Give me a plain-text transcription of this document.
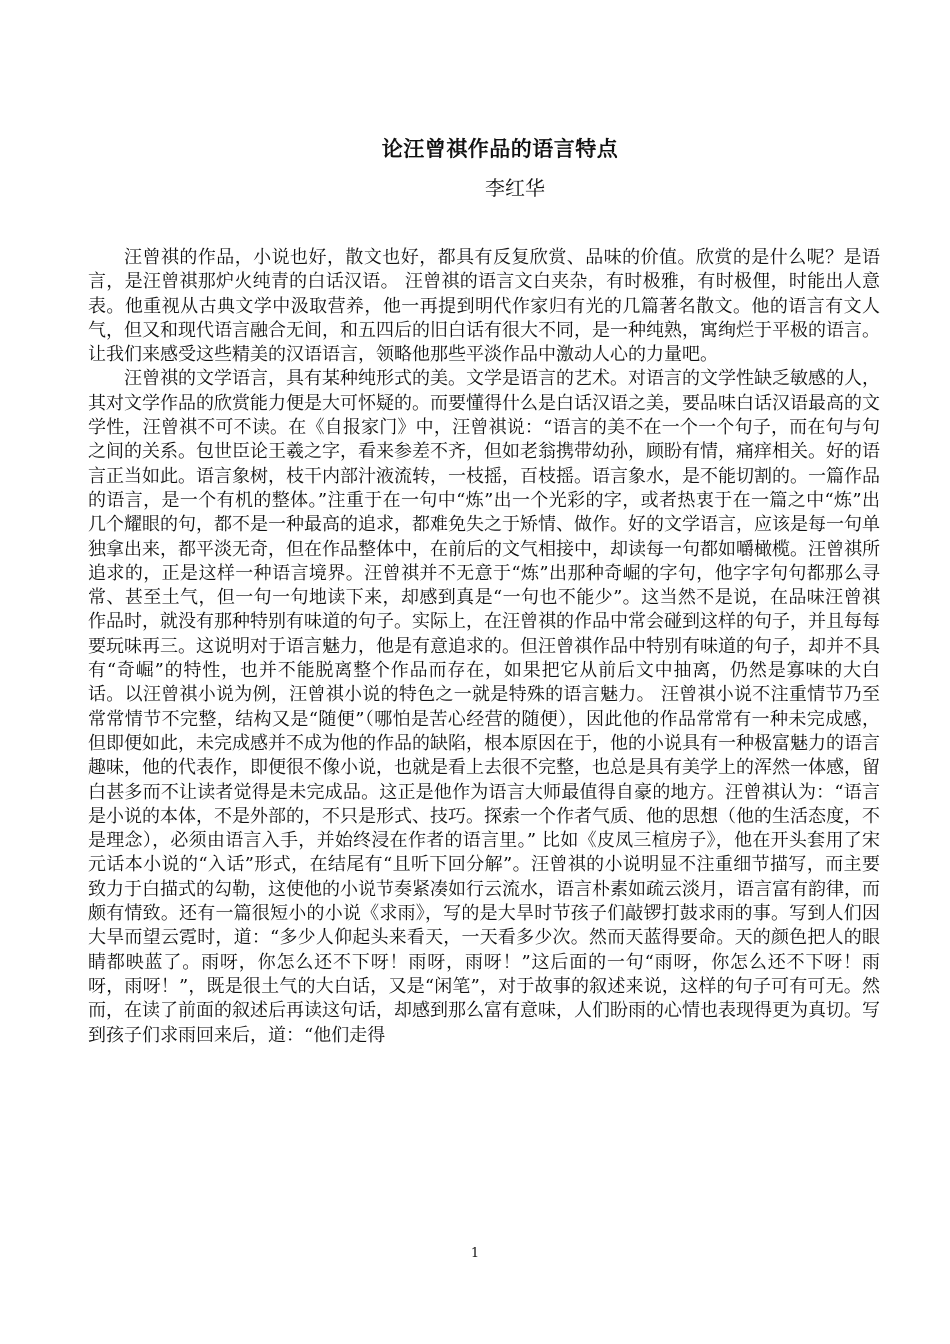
论汪曾祺作品的语言特点
李红华

汪曾祺的作品，小说也好，散文也好，都具有反复欣赏、品味的价值。欣赏的是什么呢？是语言，是汪曾祺那炉火纯青的白话汉语。 汪曾祺的语言文白夹杂，有时极雅，有时极俚，时能出人意表。他重视从古典文学中汲取营养，他一再提到明代作家归有光的几篇著名散文。他的语言有文人气，但又和现代语言融合无间，和五四后的旧白话有很大不同，是一种纯熟，寓绚烂于平极的语言。让我们来感受这些精美的汉语语言，领略他那些平淡作品中激动人心的力量吧。

汪曾祺的文学语言，具有某种纯形式的美。文学是语言的艺术。对语言的文学性缺乏敏感的人，其对文学作品的欣赏能力便是大可怀疑的。而要懂得什么是白话汉语之美，要品味白话汉语最高的文学性，汪曾祺不可不读。在《自报家门》中，汪曾祺说：“语言的美不在一个一个句子，而在句与句之间的关系。包世臣论王羲之字，看来参差不齐，但如老翁携带幼孙，顾盼有情，痛痒相关。好的语言正当如此。语言象树，枝干内部汁液流转，一枝摇，百枝摇。语言象水，是不能切割的。一篇作品的语言，是一个有机的整体。”注重于在一句中“炼”出一个光彩的字，或者热衷于在一篇之中“炼”出几个耀眼的句，都不是一种最高的追求，都难免失之于矫情、做作。好的文学语言，应该是每一句单独拿出来，都平淡无奇，但在作品整体中，在前后的文气相接中，却读每一句都如嚼橄榄。汪曾祺所追求的，正是这样一种语言境界。汪曾祺并不无意于“炼”出那种奇崛的字句，他字字句句都那么寻常、甚至土气，但一句一句地读下来，却感到真是“一句也不能少”。这当然不是说，在品味汪曾祺作品时，就没有那种特别有味道的句子。实际上，在汪曾祺的作品中常会碰到这样的句子，并且每每要玩味再三。这说明对于语言魅力，他是有意追求的。但汪曾祺作品中特别有味道的句子，却并不具有“奇崛”的特性，也并不能脱离整个作品而存在，如果把它从前后文中抽离，仍然是寡味的大白话。以汪曾祺小说为例，汪曾祺小说的特色之一就是特殊的语言魅力。 汪曾祺小说不注重情节乃至常常情节不完整，结构又是“随便”（哪怕是苦心经营的随便），因此他的作品常常有一种未完成感，但即便如此，未完成感并不成为他的作品的缺陷，根本原因在于，他的小说具有一种极富魅力的语言趣味，他的代表作，即便很不像小说，也就是看上去很不完整，也总是具有美学上的浑然一体感，留白甚多而不让读者觉得是未完成品。这正是他作为语言大师最值得自豪的地方。汪曾祺认为：“语言是小说的本体，不是外部的，不只是形式、技巧。探索一个作者气质、他的思想（他的生活态度，不是理念），必须由语言入手，并始终浸在作者的语言里。” 比如《皮凤三楦房子》，他在开头套用了宋元话本小说的“入话”形式，在结尾有“且听下回分解”。汪曾祺的小说明显不注重细节描写，而主要致力于白描式的勾勒，这使他的小说节奏紧凑如行云流水，语言朴素如疏云淡月，语言富有韵律，而颇有情致。还有一篇很短小的小说《求雨》，写的是大旱时节孩子们敲锣打鼓求雨的事。写到人们因大旱而望云霓时，道：“多少人仰起头来看天，一天看多少次。然而天蓝得要命。天的颜色把人的眼睛都映蓝了。雨呀，你怎么还不下呀！雨呀，雨呀！”这后面的一句“雨呀，你怎么还不下呀！雨呀，雨呀！”，既是很土气的大白话，又是“闲笔”，对于故事的叙述来说，这样的句子可有可无。然而，在读了前面的叙述后再读这句话，却感到那么富有意味，人们盼雨的心情也表现得更为真切。写到孩子们求雨回来后，道：“他们走得

1
